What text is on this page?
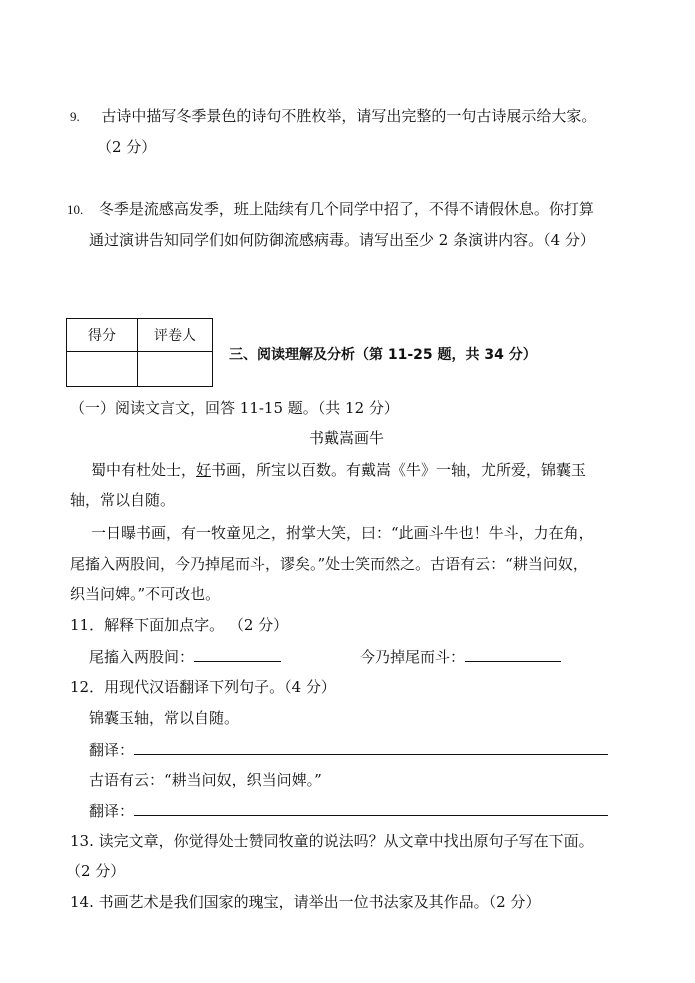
9. 古诗中描写冬季景色的诗句不胜枚举，请写出完整的一句古诗展示给大家。
（2 分）
10. 冬季是流感高发季，班上陆续有几个同学中招了，不得不请假休息。你打算
通过演讲告知同学们如何防御流感病毒。请写出至少 2 条演讲内容。（4 分）
得分	评卷人

三、阅读理解及分析（第 11-25 题，共 34 分）
（一）阅读文言文，回答 11-15 题。（共 12 分）
书戴嵩画牛
蜀中有杜处士，好书画，所宝以百数。有戴嵩《牛》一轴，尤所爱，锦囊玉
轴，常以自随。
一日曝书画，有一牧童见之，拊掌大笑，曰：“此画斗牛也！牛斗，力在角，
尾搐入两股间，今乃掉尾而斗，谬矣。”处士笑而然之。古语有云：“耕当问奴，
织当问婢。”不可改也。
11．解释下面加点字。 （2 分）
尾搐入两股间：	今乃掉尾而斗：
12．用现代汉语翻译下列句子。（4 分）
锦囊玉轴，常以自随。
翻译：
古语有云：“耕当问奴，织当问婢。”
翻译：
13. 读完文章，你觉得处士赞同牧童的说法吗？从文章中找出原句子写在下面。
（2 分）
14. 书画艺术是我们国家的瑰宝，请举出一位书法家及其作品。（2 分）
